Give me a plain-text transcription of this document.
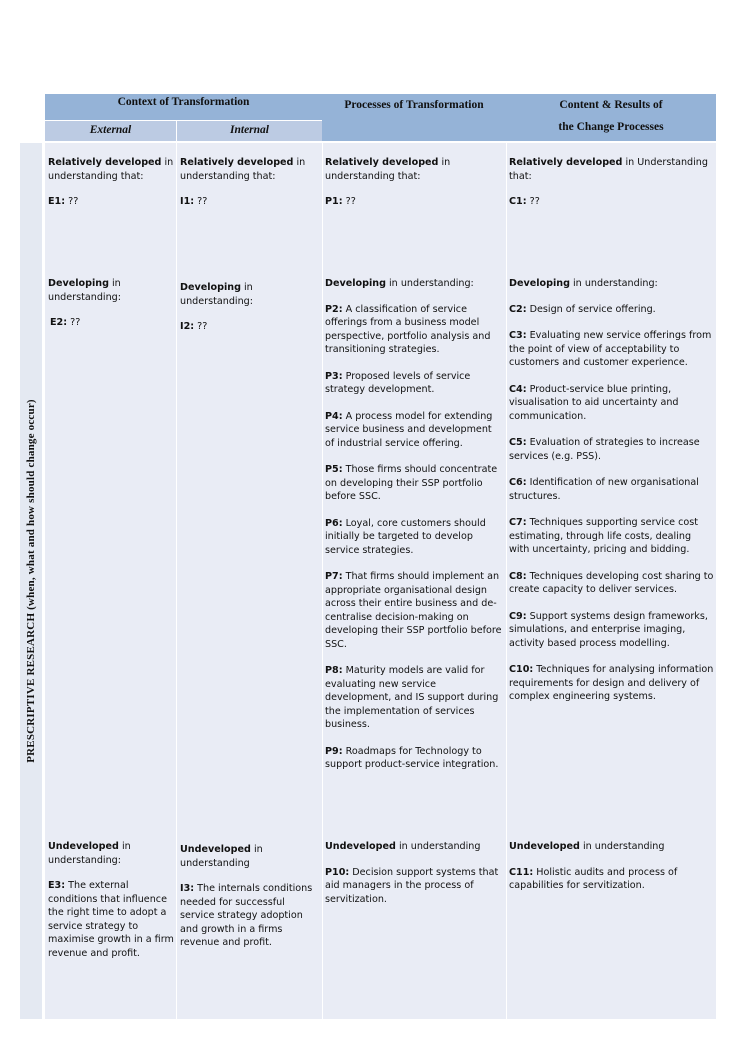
Context of Transformation
External	Internal
Processes of Transformation	Content & Results of
the Change Processes
PRESCRIPTIVE RESEARCH (when, what and how should change occur)

Relatively developed in understanding that:

E1: ??

Developing in understanding:

E2: ??

Undeveloped in understanding:

E3: The external conditions that influence the right time to adopt a service strategy to maximise growth in a firm revenue and profit.

Relatively developed in understanding that:

I1: ??

Developing in understanding:

I2: ??

Undeveloped in understanding

I3: The internals conditions needed for successful service strategy adoption and growth in a firms revenue and profit.

Relatively developed in understanding that:

P1: ??

Developing in understanding:

P2: A classification of service offerings from a business model perspective, portfolio analysis and transitioning strategies.

P3: Proposed levels of service strategy development.

P4: A process model for extending service business and development of industrial service offering.

P5: Those firms should concentrate on developing their SSP portfolio before SSC.

P6: Loyal, core customers should initially be targeted to develop service strategies.

P7: That firms should implement an appropriate organisational design across their entire business and de-centralise decision-making on developing their SSP portfolio before SSC.

P8: Maturity models are valid for evaluating new service development, and IS support during the implementation of services business.

P9: Roadmaps for Technology to support product-service integration.

Undeveloped in understanding

P10: Decision support systems that aid managers in the process of servitization.

Relatively developed in Understanding that:

C1: ??

Developing in understanding:

C2: Design of service offering.

C3: Evaluating new service offerings from the point of view of acceptability to customers and customer experience.

C4: Product-service blue printing, visualisation to aid uncertainty and communication.

C5: Evaluation of strategies to increase services (e.g. PSS).

C6: Identification of new organisational structures.

C7: Techniques supporting service cost estimating, through life costs, dealing with uncertainty, pricing and bidding.

C8: Techniques developing cost sharing to create capacity to deliver services.

C9: Support systems design frameworks, simulations, and enterprise imaging, activity based process modelling.

C10: Techniques for analysing information requirements for design and delivery of complex engineering systems.

Undeveloped in understanding

C11: Holistic audits and process of capabilities for servitization.
